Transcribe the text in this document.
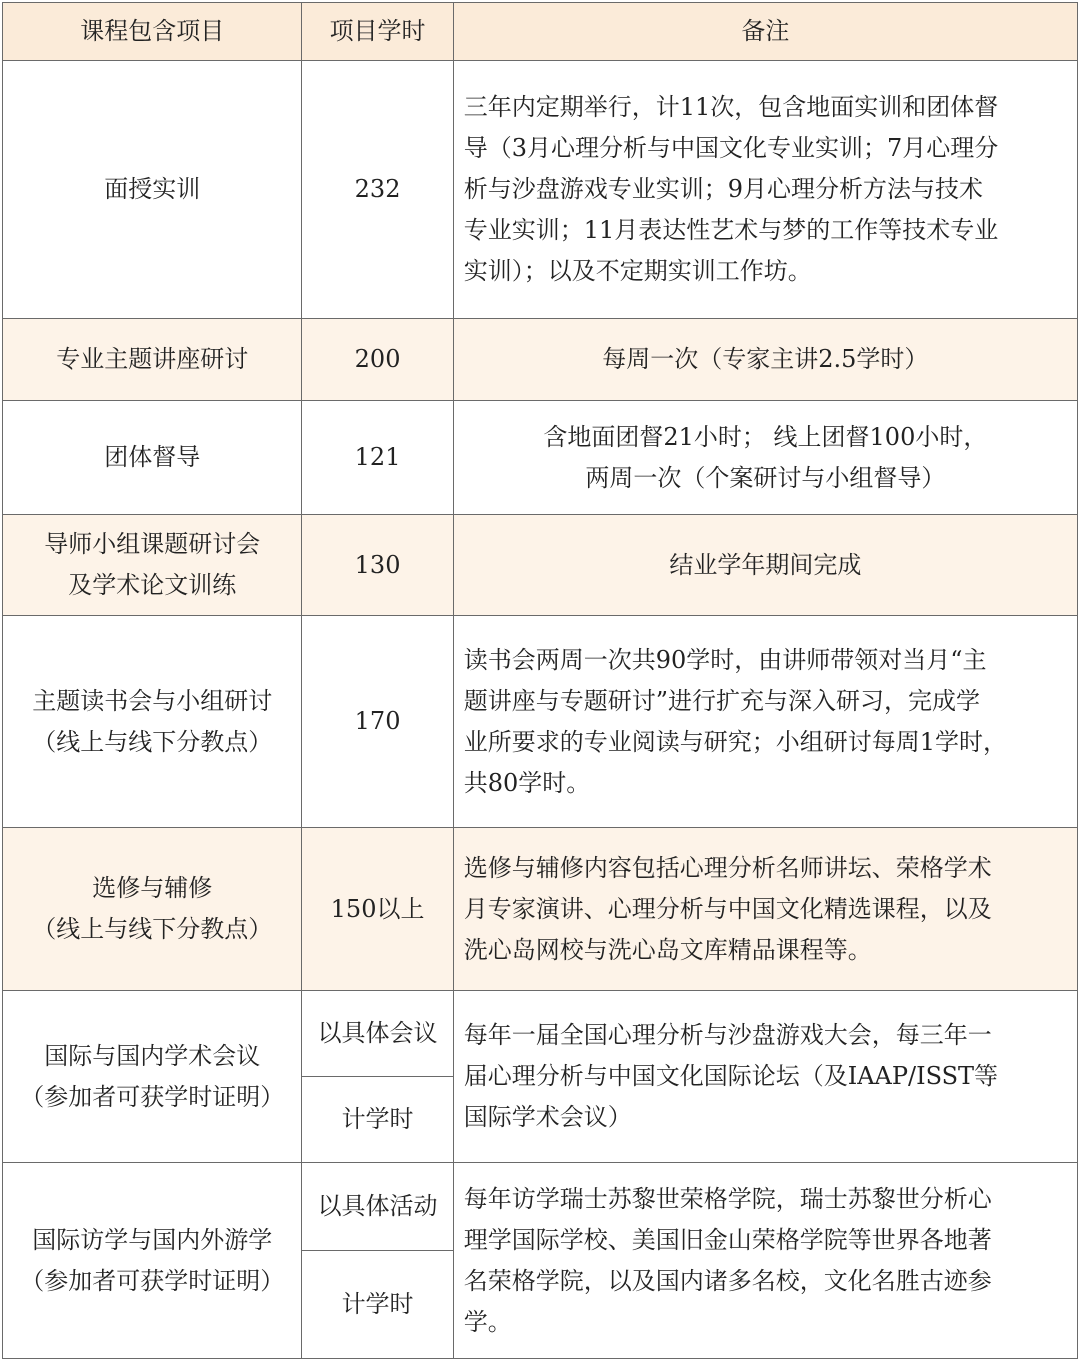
课程包含项目	项目学时	备注
面授实训	232	三年内定期举行，计11次，包含地面实训和团体督
导（3月心理分析与中国文化专业实训；7月心理分
析与沙盘游戏专业实训；9月心理分析方法与技术
专业实训；11月表达性艺术与梦的工作等技术专业
实训）；以及不定期实训工作坊。

专业主题讲座研讨	200	每周一次（专家主讲2.5学时）

团体督导	121	含地面团督21小时； 线上团督100小时，
两周一次（个案研讨与小组督导）

导师小组课题研讨会
及学术论文训练	130	结业学年期间完成

主题读书会与小组研讨
（线上与线下分教点）	170	读书会两周一次共90学时，由讲师带领对当月“主
题讲座与专题研讨”进行扩充与深入研习，完成学
业所要求的专业阅读与研究；小组研讨每周1学时，
共80学时。

选修与辅修
（线上与线下分教点）	150以上	选修与辅修内容包括心理分析名师讲坛、荣格学术
月专家演讲、心理分析与中国文化精选课程，以及
洗心岛网校与洗心岛文库精品课程等。

国际与国内学术会议
（参加者可获学时证明）	以具体会议	每年一届全国心理分析与沙盘游戏大会，每三年一
届心理分析与中国文化国际论坛（及IAAP/ISST等
国际学术会议）

	计学时	

国际访学与国内外游学
（参加者可获学时证明）	以具体活动	每年访学瑞士苏黎世荣格学院，瑞士苏黎世分析心
理学国际学校、美国旧金山荣格学院等世界各地著
名荣格学院，以及国内诸多名校，文化名胜古迹参
学。

	计学时	
